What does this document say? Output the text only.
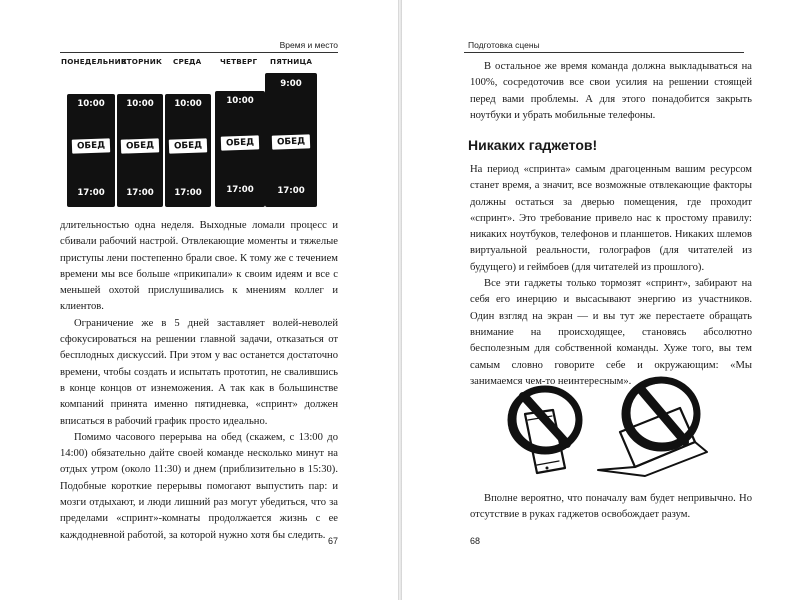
Время и место
ПОНЕДЕЛЬНИК
10:00
ОБЕД
17:00
ВТОРНИК
10:00
ОБЕД
17:00
СРЕДА
10:00
ОБЕД
17:00
ЧЕТВЕРГ
10:00
ОБЕД
17:00
ПЯТНИЦА
9:00
ОБЕД
17:00

длительностью одна неделя. Выходные ломали процесс и сбивали рабочий настрой. Отвлекающие моменты и тяжелые приступы лени постепенно брали свое. К тому же с течением времени мы все больше «прикипали» к своим идеям и все с меньшей охотой прислушивались к мнениям коллег и клиентов.

Ограничение же в 5 дней заставляет волей-неволей сфокусироваться на решении главной задачи, отказаться от бесплодных дискуссий. При этом у вас останется достаточно времени, чтобы создать и испытать прототип, не свалившись в конце концов от изнеможения. А так как в большинстве компаний принята именно пятидневка, «спринт» должен вписаться в рабочий график просто идеально.

Помимо часового перерыва на обед (скажем, с 13:00 до 14:00) обязательно дайте своей команде несколько минут на отдых утром (около 11:30) и днем (приблизительно в 15:30). Подобные короткие перерывы помогают выпустить пар: и мозги отдыхают, и люди лишний раз могут убедиться, что за пределами «спринт»-комнаты продолжается жизнь с ее каждодневной работой, за которой нужно хотя бы следить.

67
Подготовка сцены

В остальное же время команда должна выкладываться на 100%, сосредоточив все свои усилия на решении стоящей перед вами проблемы. А для этого понадобится закрыть ноутбуки и убрать мобильные телефоны.

Никаких гаджетов!

На период «спринта» самым драгоценным вашим ресурсом станет время, а значит, все возможные отвлекающие факторы должны остаться за дверью помещения, где проходит «спринт». Это требование привело нас к простому правилу: никаких ноутбуков, телефонов и планшетов. Никаких шлемов виртуальной реальности, голографов (для читателей из будущего) и геймбоев (для читателей из прошлого).

Все эти гаджеты только тормозят «спринт», забирают на себя его инерцию и высасывают энергию из участников. Один взгляд на экран — и вы тут же перестаете обращать внимание на происходящее, становясь абсолютно бесполезным для собственной команды. Хуже того, вы тем самым словно говорите себе и окружающим: «Мы занимаемся чем-то неинтересным».

Вполне вероятно, что поначалу вам будет непривычно. Но отсутствие в руках гаджетов освобождает разум.

68
